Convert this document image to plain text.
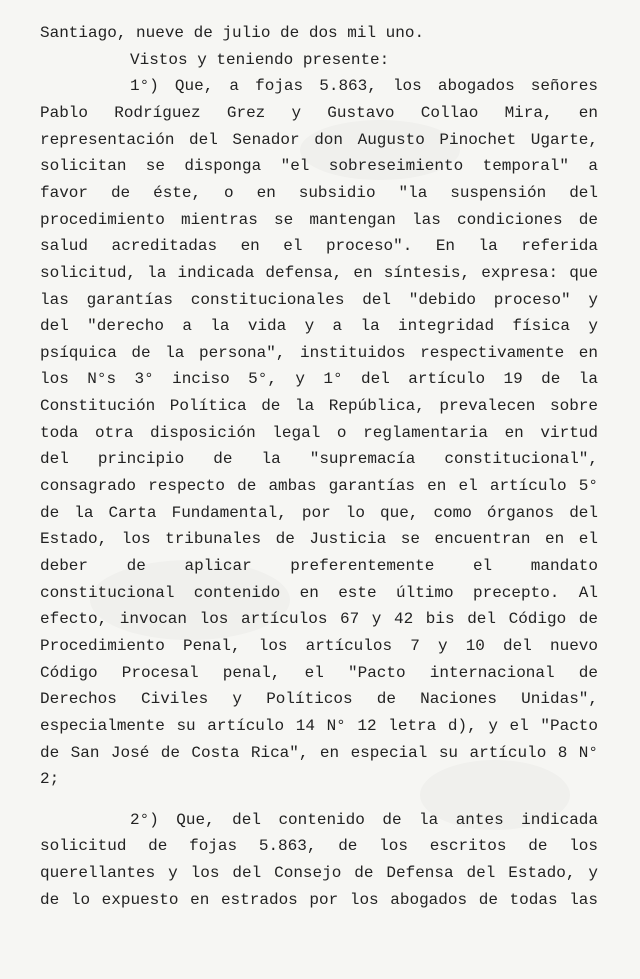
Santiago, nueve de julio de dos mil uno.
Vistos y teniendo presente:
1°) Que, a fojas 5.863, los abogados señores
Pablo Rodríguez Grez y Gustavo Collao Mira, en
representación del Senador don Augusto Pinochet Ugarte,
solicitan se disponga "el sobreseimiento temporal" a
favor de éste, o en subsidio "la suspensión del
procedimiento mientras se mantengan las condiciones de
salud acreditadas en el proceso". En la referida
solicitud, la indicada defensa, en síntesis, expresa: que
las garantías constitucionales del "debido proceso" y
del "derecho a la vida y a la integridad física y
psíquica de la persona", instituidos respectivamente en
los N°s 3° inciso 5°, y 1° del artículo 19 de la
Constitución Política de la República, prevalecen sobre
toda otra disposición legal o reglamentaria en virtud
del principio de la "supremacía constitucional",
consagrado respecto de ambas garantías en el artículo 5°
de la Carta Fundamental, por lo que, como órganos del
Estado, los tribunales de Justicia se encuentran en el
deber de aplicar preferentemente el mandato
constitucional contenido en este último precepto. Al
efecto, invocan los artículos 67 y 42 bis del Código de
Procedimiento Penal, los artículos 7 y 10 del nuevo
Código Procesal penal, el "Pacto internacional de
Derechos Civiles y Políticos de Naciones Unidas",
especialmente su artículo 14 N° 12 letra d), y el "Pacto
de San José de Costa Rica", en especial su artículo 8 N°
2;
2°) Que, del contenido de la antes indicada
solicitud de fojas 5.863, de los escritos de los
querellantes y los del Consejo de Defensa del Estado, y
de lo expuesto en estrados por los abogados de todas las
